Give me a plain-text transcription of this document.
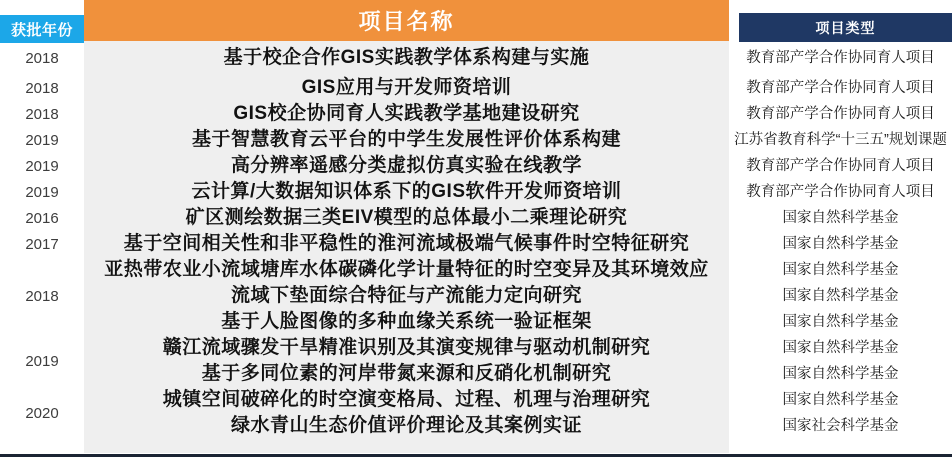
获批年份	项目名称	项目类型
2018	基于校企合作GIS实践教学体系构建与实施	教育部产学合作协同育人项目
2018	GIS应用与开发师资培训	教育部产学合作协同育人项目
2018	GIS校企协同育人实践教学基地建设研究	教育部产学合作协同育人项目
2019	基于智慧教育云平台的中学生发展性评价体系构建	江苏省教育科学“十三五”规划课题
2019	高分辨率遥感分类虚拟仿真实验在线教学	教育部产学合作协同育人项目
2019	云计算/大数据知识体系下的GIS软件开发师资培训	教育部产学合作协同育人项目
2016	矿区测绘数据三类EIV模型的总体最小二乘理论研究	国家自然科学基金
2017	基于空间相关性和非平稳性的淮河流域极端气候事件时空特征研究	国家自然科学基金
2018	亚热带农业小流域塘库水体碳磷化学计量特征的时空变异及其环境效应	国家自然科学基金
	流域下垫面综合特征与产流能力定向研究	国家自然科学基金
	基于人脸图像的多种血缘关系统一验证框架	国家自然科学基金
2019	赣江流域骤发干旱精准识别及其演变规律与驱动机制研究	国家自然科学基金
	基于多同位素的河岸带氮来源和反硝化机制研究	国家自然科学基金
2020	城镇空间破碎化的时空演变格局、过程、机理与治理研究	国家自然科学基金
	绿水青山生态价值评价理论及其案例实证	国家社会科学基金
